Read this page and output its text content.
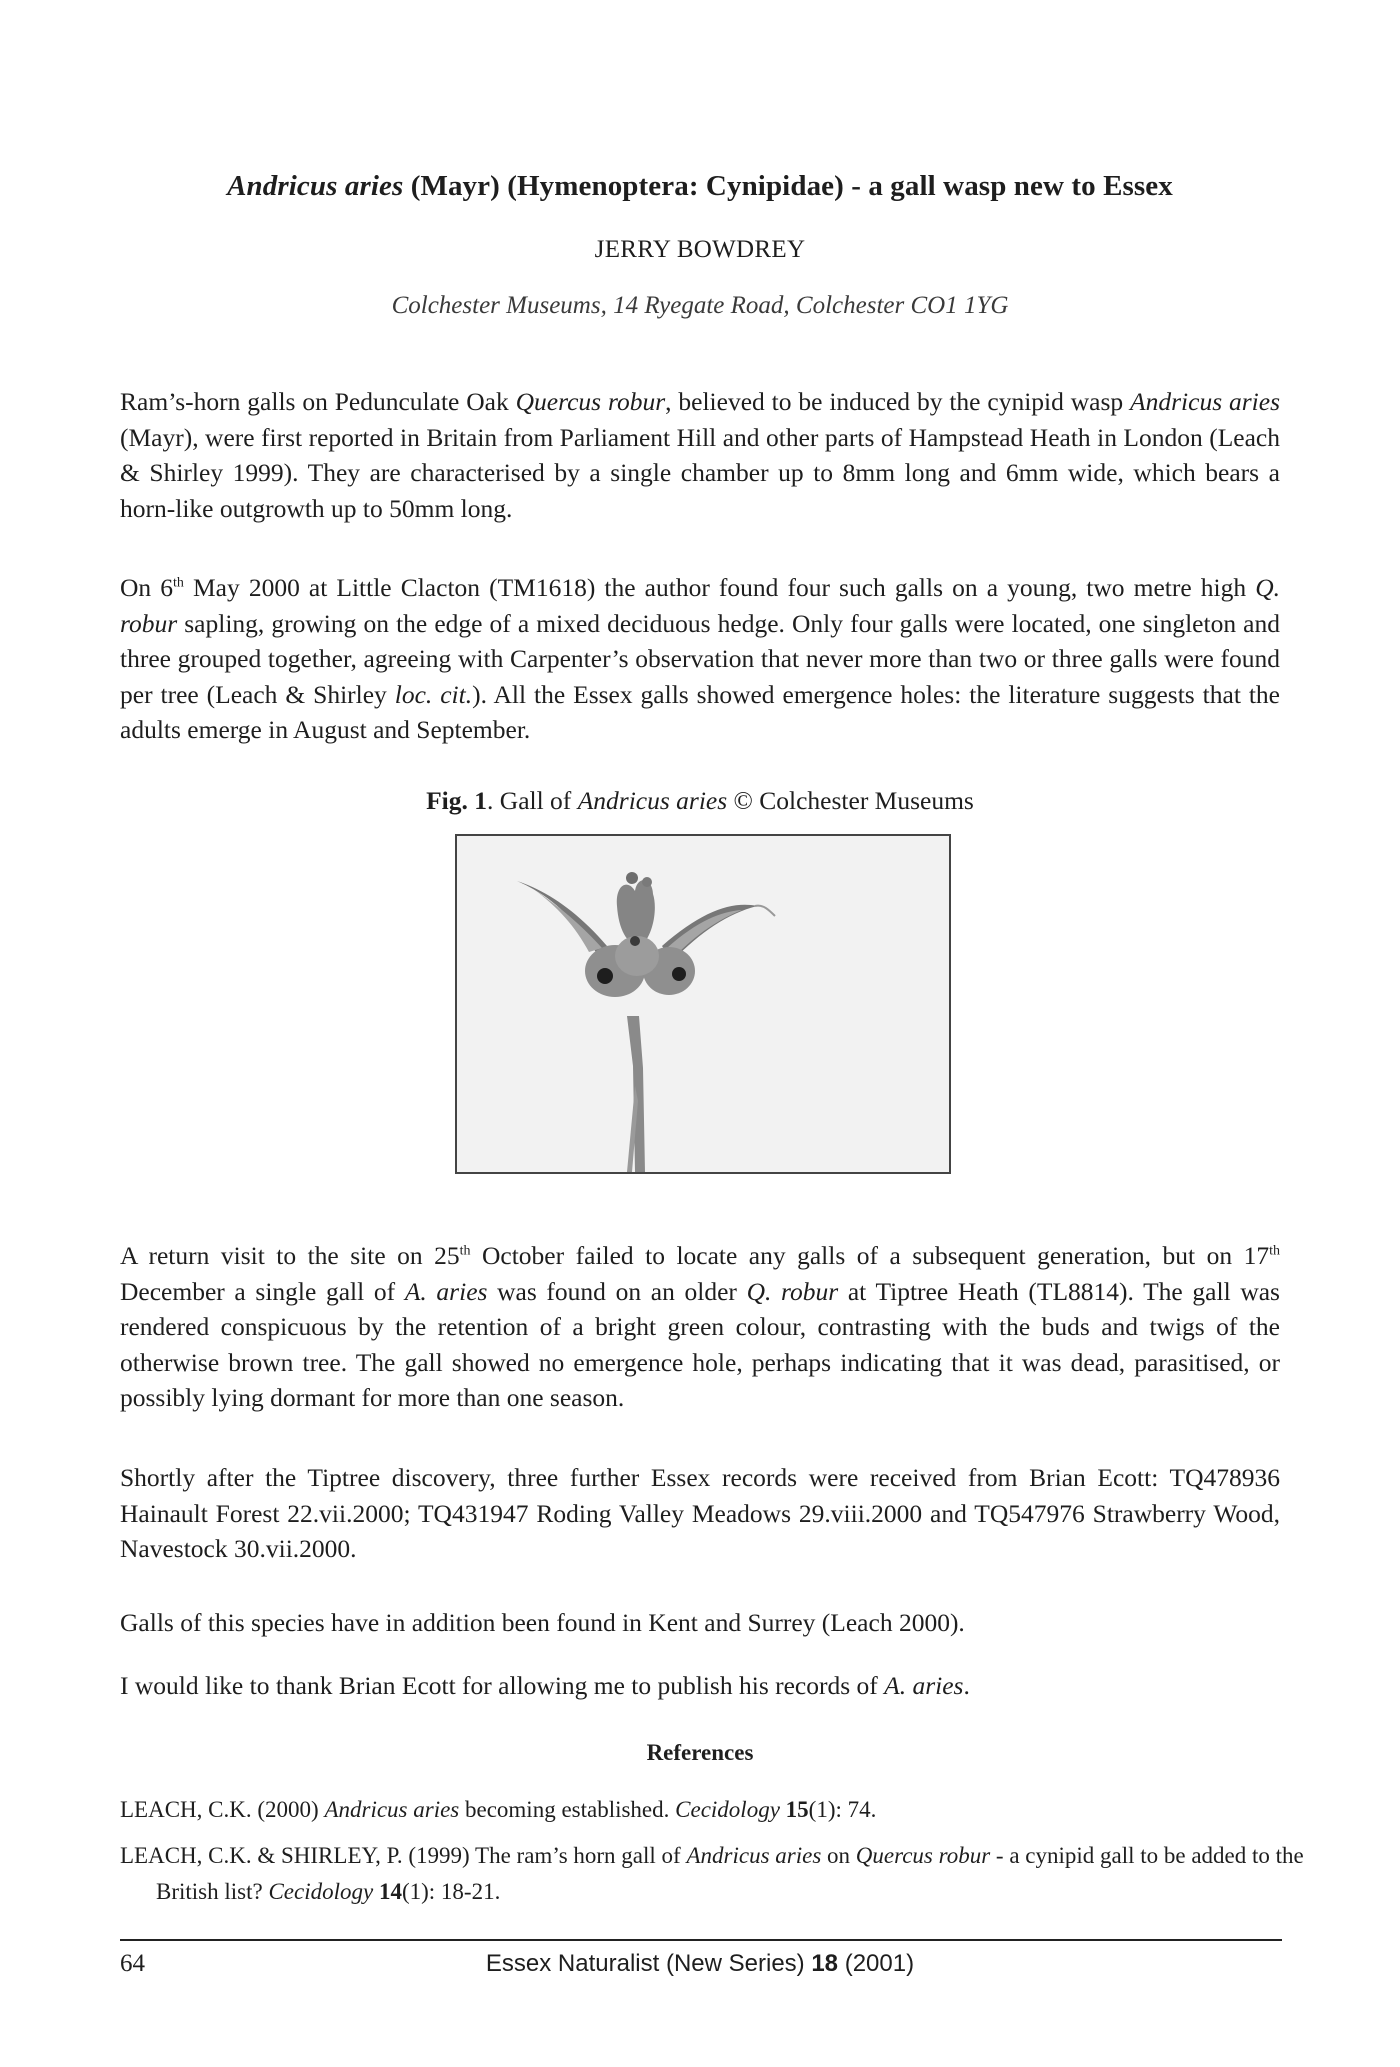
Andricus aries (Mayr) (Hymenoptera: Cynipidae) - a gall wasp new to Essex
JERRY BOWDREY
Colchester Museums, 14 Ryegate Road, Colchester CO1 1YG
Ram’s-horn galls on Pedunculate Oak Quercus robur, believed to be induced by the cynipid wasp Andricus aries (Mayr), were first reported in Britain from Parliament Hill and other parts of Hampstead Heath in London (Leach & Shirley 1999). They are characterised by a single chamber up to 8mm long and 6mm wide, which bears a horn-like outgrowth up to 50mm long.
On 6th May 2000 at Little Clacton (TM1618) the author found four such galls on a young, two metre high Q. robur sapling, growing on the edge of a mixed deciduous hedge. Only four galls were located, one singleton and three grouped together, agreeing with Carpenter’s observation that never more than two or three galls were found per tree (Leach & Shirley loc. cit.). All the Essex galls showed emergence holes: the literature suggests that the adults emerge in August and September.
Fig. 1. Gall of Andricus aries © Colchester Museums
A return visit to the site on 25th October failed to locate any galls of a subsequent generation, but on 17th December a single gall of A. aries was found on an older Q. robur at Tiptree Heath (TL8814). The gall was rendered conspicuous by the retention of a bright green colour, contrasting with the buds and twigs of the otherwise brown tree. The gall showed no emergence hole, perhaps indicating that it was dead, parasitised, or possibly lying dormant for more than one season.
Shortly after the Tiptree discovery, three further Essex records were received from Brian Ecott: TQ478936 Hainault Forest 22.vii.2000; TQ431947 Roding Valley Meadows 29.viii.2000 and TQ547976 Strawberry Wood, Navestock 30.vii.2000.
Galls of this species have in addition been found in Kent and Surrey (Leach 2000).
I would like to thank Brian Ecott for allowing me to publish his records of A. aries.
References
LEACH, C.K. (2000) Andricus aries becoming established. Cecidology 15(1): 74.
LEACH, C.K. & SHIRLEY, P. (1999) The ram’s horn gall of Andricus aries on Quercus robur - a cynipid gall to be added to the British list? Cecidology 14(1): 18-21.
64	Essex Naturalist (New Series) 18 (2001)
